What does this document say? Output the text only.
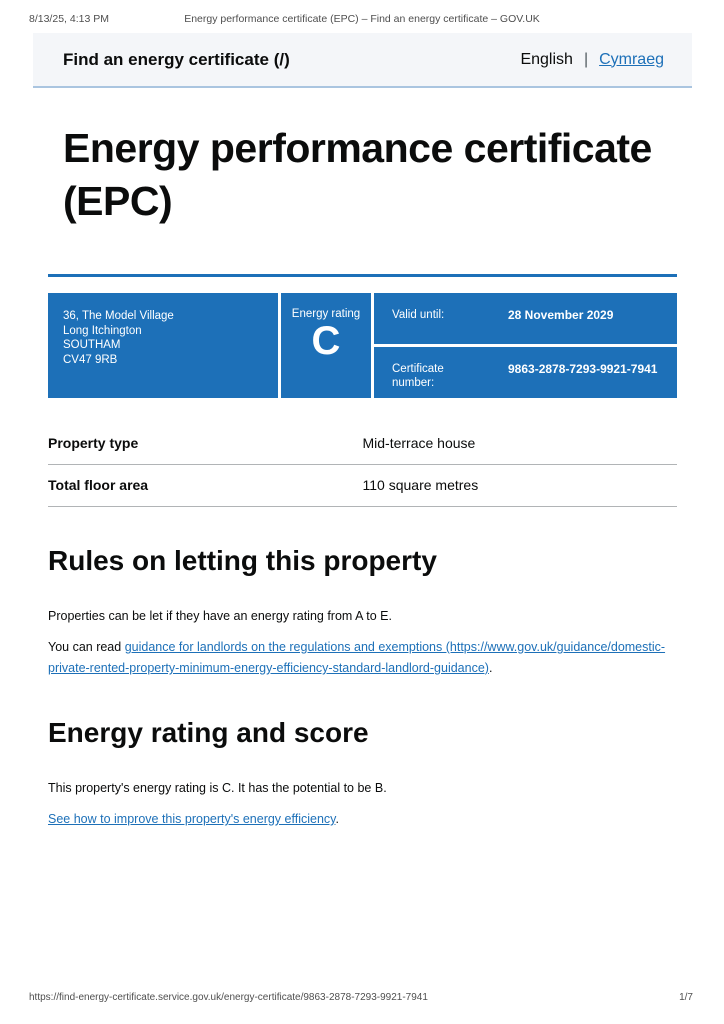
8/13/25, 4:13 PM	Energy performance certificate (EPC) – Find an energy certificate – GOV.UK
Find an energy certificate (/)	English | Cymraeg
Energy performance certificate (EPC)
36, The Model Village
Long Itchington
SOUTHAM
CV47 9RB
Energy rating
C
Valid until:	28 November 2029
Certificate number:
9863-2878-7293-9921-7941
Property type	Mid-terrace house
Total floor area	110 square metres
Rules on letting this property

Properties can be let if they have an energy rating from A to E.

You can read guidance for landlords on the regulations and exemptions (https://www.gov.uk/guidance/domestic-private-rented-property-minimum-energy-efficiency-standard-landlord-guidance).

Energy rating and score

This property's energy rating is C. It has the potential to be B.

See how to improve this property's energy efficiency.

https://find-energy-certificate.service.gov.uk/energy-certificate/9863-2878-7293-9921-7941	1/7
